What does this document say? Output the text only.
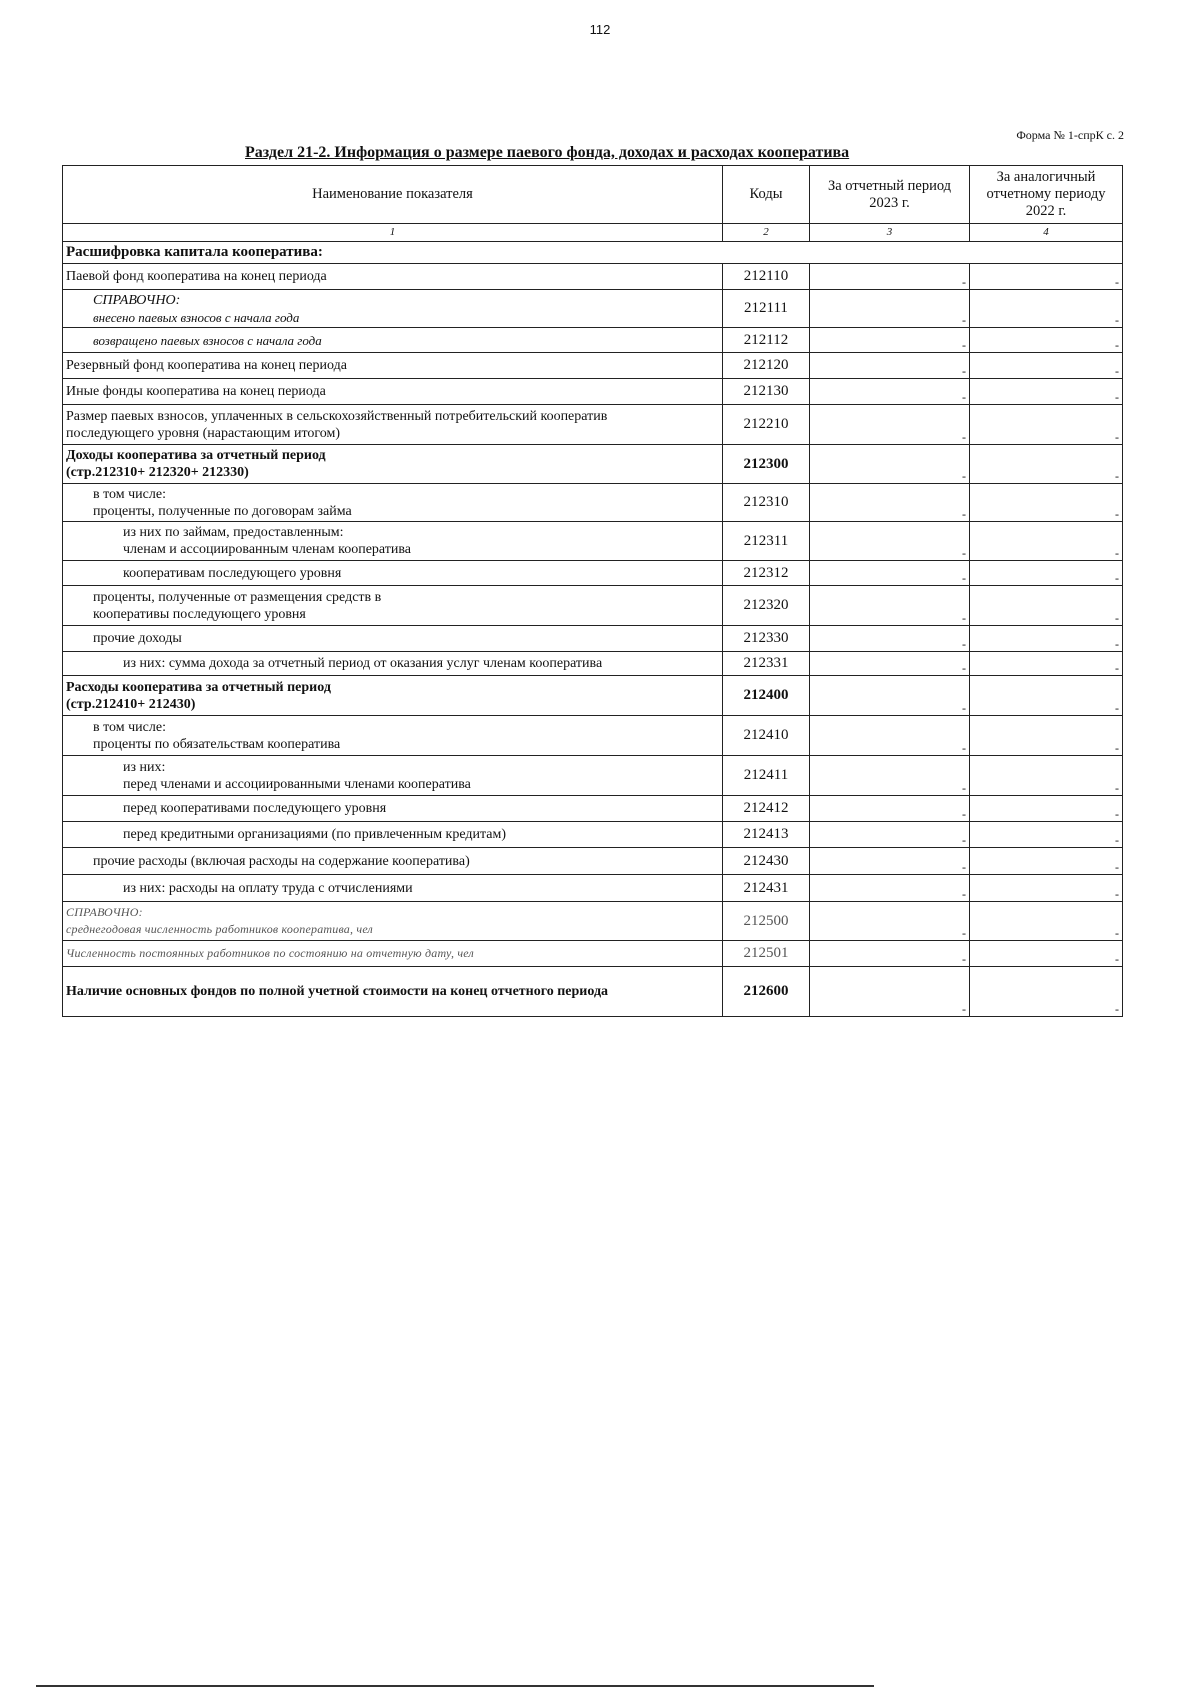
112
Форма № 1-спрК с. 2
Раздел 21-2. Информация о размере паевого фонда, доходах и расходах кооператива
Наименование показателя	Коды	За отчетный период 2023 г.	За аналогичный отчетному периоду 2022 г.
1	2	3	4
Расшифровка капитала кооператива:			
Паевой фонд кооператива на конец периода	212110	-	-

СПРАВОЧНО:
внесено паевых взносов с начала года	212111	-	-

возвращено паевых взносов с начала года	212112	-	-

Резервный фонд кооператива на конец периода	212120	-	-

Иные фонды кооператива на конец периода	212130	-	-

Размер паевых взносов, уплаченных в сельскохозяйственный потребительский кооператив
последующего уровня (нарастающим итогом)	212210	-	-

Доходы кооператива за отчетный период
(стр.212310+ 212320+ 212330)	212300	-	-

в том числе:
проценты, полученные по договорам займа	212310	-	-

из них по займам, предоставленным:
членам и ассоциированным членам кооператива	212311	-	-

кооперативам последующего уровня	212312	-	-

проценты, полученные от размещения средств в
кооперативы последующего уровня	212320	-	-

прочие доходы	212330	-	-

из них: сумма дохода за отчетный период от оказания услуг членам кооператива	212331	-	-

Расходы кооператива за отчетный период
(стр.212410+ 212430)	212400	-	-

в том числе:
проценты по обязательствам кооператива	212410	-	-

из них:
перед членами и ассоциированными членами кооператива	212411	-	-

перед кооперативами последующего уровня	212412	-	-

перед кредитными организациями (по привлеченным кредитам)	212413	-	-

прочие расходы (включая расходы на содержание кооператива)	212430	-	-

из них: расходы на оплату труда с отчислениями	212431	-	-

СПРАВОЧНО:
среднегодовая численность работников кооператива, чел	212500	-	-

Численность постоянных работников по состоянию на отчетную дату, чел	212501	-	-

Наличие основных фондов по полной учетной стоимости на конец отчетного периода	212600	-	-
